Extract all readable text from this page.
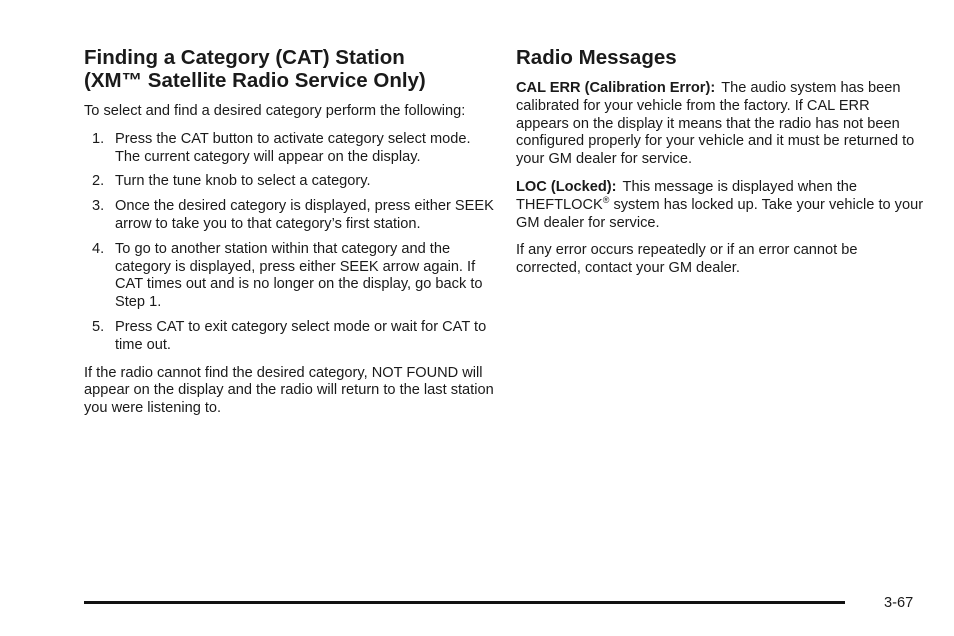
Finding a Category (CAT) Station
(XM™ Satellite Radio Service Only)

To select and find a desired category perform the following:

1. Press the CAT button to activate category select mode. The current category will appear on the display.
2. Turn the tune knob to select a category.
3. Once the desired category is displayed, press either SEEK arrow to take you to that category’s first station.
4. To go to another station within that category and the category is displayed, press either SEEK arrow again. If CAT times out and is no longer on the display, go back to Step 1.
5. Press CAT to exit category select mode or wait for CAT to time out.

If the radio cannot find the desired category, NOT FOUND will appear on the display and the radio will return to the last station you were listening to.

Radio Messages

CAL ERR (Calibration Error): The audio system has been calibrated for your vehicle from the factory. If CAL ERR appears on the display it means that the radio has not been configured properly for your vehicle and it must be returned to your GM dealer for service.

LOC (Locked): This message is displayed when the THEFTLOCK® system has locked up. Take your vehicle to your GM dealer for service.

If any error occurs repeatedly or if an error cannot be corrected, contact your GM dealer.

3-67
